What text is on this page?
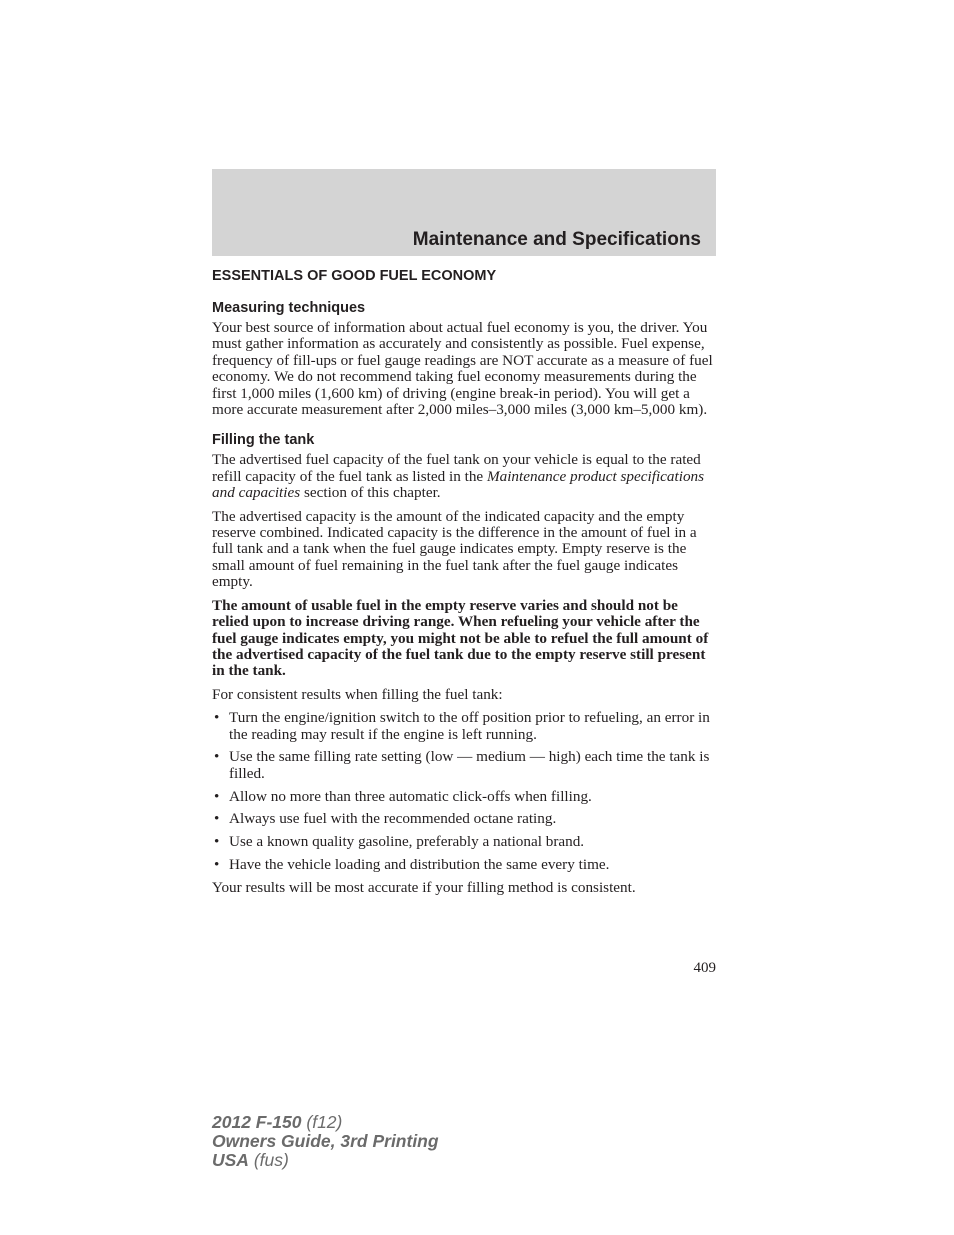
Maintenance and Specifications
ESSENTIALS OF GOOD FUEL ECONOMY
Measuring techniques

Your best source of information about actual fuel economy is you, the driver. You must gather information as accurately and consistently as possible. Fuel expense, frequency of fill-ups or fuel gauge readings are NOT accurate as a measure of fuel economy. We do not recommend taking fuel economy measurements during the first 1,000 miles (1,600 km) of driving (engine break-in period). You will get a more accurate measurement after 2,000 miles–3,000 miles (3,000 km–5,000 km).

Filling the tank

The advertised fuel capacity of the fuel tank on your vehicle is equal to the rated refill capacity of the fuel tank as listed in the Maintenance product specifications and capacities section of this chapter.

The advertised capacity is the amount of the indicated capacity and the empty reserve combined. Indicated capacity is the difference in the amount of fuel in a full tank and a tank when the fuel gauge indicates empty. Empty reserve is the small amount of fuel remaining in the fuel tank after the fuel gauge indicates empty.

The amount of usable fuel in the empty reserve varies and should not be relied upon to increase driving range. When refueling your vehicle after the fuel gauge indicates empty, you might not be able to refuel the full amount of the advertised capacity of the fuel tank due to the empty reserve still present in the tank.

For consistent results when filling the fuel tank:

• Turn the engine/ignition switch to the off position prior to refueling, an error in the reading may result if the engine is left running.
• Use the same filling rate setting (low — medium — high) each time the tank is filled.
• Allow no more than three automatic click-offs when filling.
• Always use fuel with the recommended octane rating.
• Use a known quality gasoline, preferably a national brand.
• Have the vehicle loading and distribution the same every time.

Your results will be most accurate if your filling method is consistent.

409
2012 F-150 (f12)
Owners Guide, 3rd Printing
USA (fus)
